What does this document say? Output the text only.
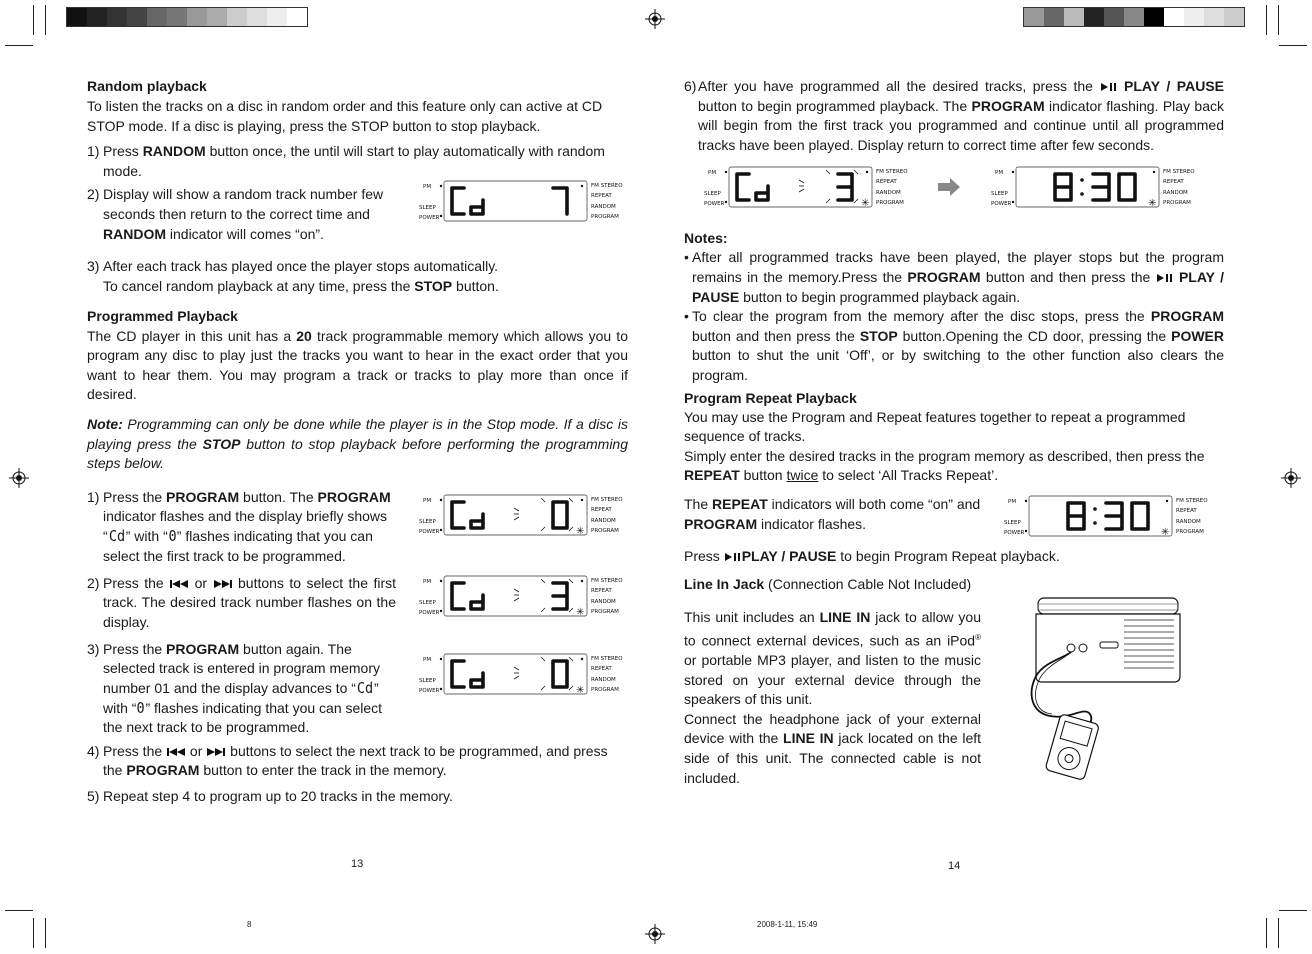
Random playback

To listen the tracks on a disc in random order and this feature only can active at CD STOP mode. If a disc is playing, press the STOP button to stop playback.

1) Press RANDOM button once, the until will start to play automatically with random mode.
2) Display will show a random track number few seconds then return to the correct time and RANDOM indicator will comes “on”.
PM
SLEEP
POWER
FM STEREO
REPEAT
RANDOM
PROGRAM
3) After each track has played once the player stops automatically.
To cancel random playback at any time, press the STOP button.
Programmed Playback

The CD player in this unit has a 20 track programmable memory which allows you to program any disc to play just the tracks you want to hear in the exact order that you want to hear them. You may program a track or tracks to play more than once if desired.

Note: Programming can only be done while the player is in the Stop mode. If a disc is playing press the STOP button to stop playback before performing the programming steps below.

1) Press the PROGRAM button. The PROGRAM indicator flashes and the display briefly shows “Cd” with “0” flashes indicating that you can select the first track to be programmed.
PM
SLEEP
POWER
FM STEREO
REPEAT
RANDOM
PROGRAM
✳
2) Press the  or  buttons to select the first track. The desired track number flashes on the display.
PM
SLEEP
POWER
FM STEREO
REPEAT
RANDOM
PROGRAM
✳
3) Press the PROGRAM button again. The selected track is entered in program memory number 01 and the display advances to “Cd” with “0” flashes indicating that you can select the next track to be programmed.
PM
SLEEP
POWER
FM STEREO
REPEAT
RANDOM
PROGRAM
✳
4) Press the  or  buttons to select the next track to be programmed, and press the PROGRAM button to enter the track in the memory.
5) Repeat step 4 to program up to 20 tracks in the memory.
13
8
6) After you have programmed all the desired tracks, press the  PLAY / PAUSE button to begin programmed playback. The PROGRAM indicator flashing. Play back will begin from the first track you programmed and continue until all programmed tracks have been played. Display return to correct time after few seconds.
PM
SLEEP
POWER
FM STEREO
REPEAT
RANDOM
PROGRAM
✳
PM
SLEEP
POWER
FM STEREO
REPEAT
RANDOM
PROGRAM
✳
Notes:
• After all programmed tracks have been played, the player stops but the program remains in the memory.Press the PROGRAM button and then press the  PLAY / PAUSE button to begin programmed playback again.
• To clear the program from the memory after the disc stops, press the PROGRAM button and then press the STOP button.Opening the CD door, pressing the POWER button to shut the unit ‘Off’, or by switching to the other function also clears the program.
Program Repeat Playback

You may use the Program and Repeat features together to repeat a programmed sequence of tracks.

Simply enter the desired tracks in the program memory as described, then press the REPEAT button twice to select ‘All Tracks Repeat’.

The REPEAT indicators will both come “on” and PROGRAM indicator flashes.

PM
SLEEP
POWER
FM STEREO
REPEAT
RANDOM
PROGRAM
✳

Press PLAY / PAUSE to begin Program Repeat playback.

Line In Jack (Connection Cable Not Included)

This unit includes an LINE IN jack to allow you to connect external devices, such as an iPod® or portable MP3 player, and listen to the music stored on your external device through the speakers of this unit.

Connect the headphone jack of your external device with the LINE IN jack located on the left side of this unit. The connected cable is not included.

14
2008-1-11, 15:49
